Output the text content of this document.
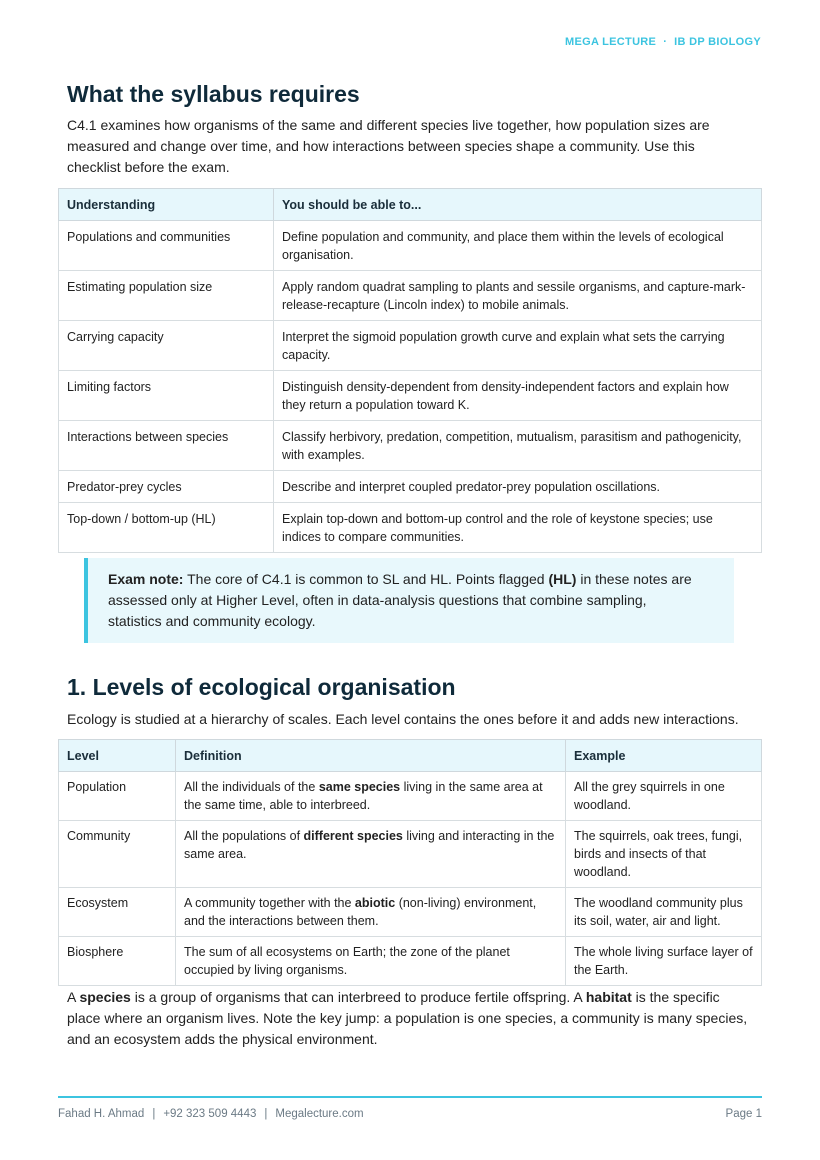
MEGA LECTURE · IB DP BIOLOGY
What the syllabus requires

C4.1 examines how organisms of the same and different species live together, how population sizes are measured and change over time, and how interactions between species shape a community. Use this checklist before the exam.

Understanding	You should be able to...
Populations and communities	Define population and community, and place them within the levels of ecological organisation.
Estimating population size	Apply random quadrat sampling to plants and sessile organisms, and capture-mark-release-recapture (Lincoln index) to mobile animals.
Carrying capacity	Interpret the sigmoid population growth curve and explain what sets the carrying capacity.
Limiting factors	Distinguish density-dependent from density-independent factors and explain how they return a population toward K.
Interactions between species	Classify herbivory, predation, competition, mutualism, parasitism and pathogenicity, with examples.
Predator-prey cycles	Describe and interpret coupled predator-prey population oscillations.
Top-down / bottom-up (HL)	Explain top-down and bottom-up control and the role of keystone species; use indices to compare communities.
Exam note: The core of C4.1 is common to SL and HL. Points flagged (HL) in these notes are assessed only at Higher Level, often in data-analysis questions that combine sampling, statistics and community ecology.
1. Levels of ecological organisation

Ecology is studied at a hierarchy of scales. Each level contains the ones before it and adds new interactions.

Level	Definition	Example
Population	All the individuals of the same species living in the same area at the same time, able to interbreed.	All the grey squirrels in one woodland.
Community	All the populations of different species living and interacting in the same area.	The squirrels, oak trees, fungi, birds and insects of that woodland.
Ecosystem	A community together with the abiotic (non-living) environment, and the interactions between them.	The woodland community plus its soil, water, air and light.
Biosphere	The sum of all ecosystems on Earth; the zone of the planet occupied by living organisms.	The whole living surface layer of the Earth.

A species is a group of organisms that can interbreed to produce fertile offspring. A habitat is the specific place where an organism lives. Note the key jump: a population is one species, a community is many species, and an ecosystem adds the physical environment.

Fahad H. Ahmad | +92 323 509 4443 | Megalecture.com	Page 1
